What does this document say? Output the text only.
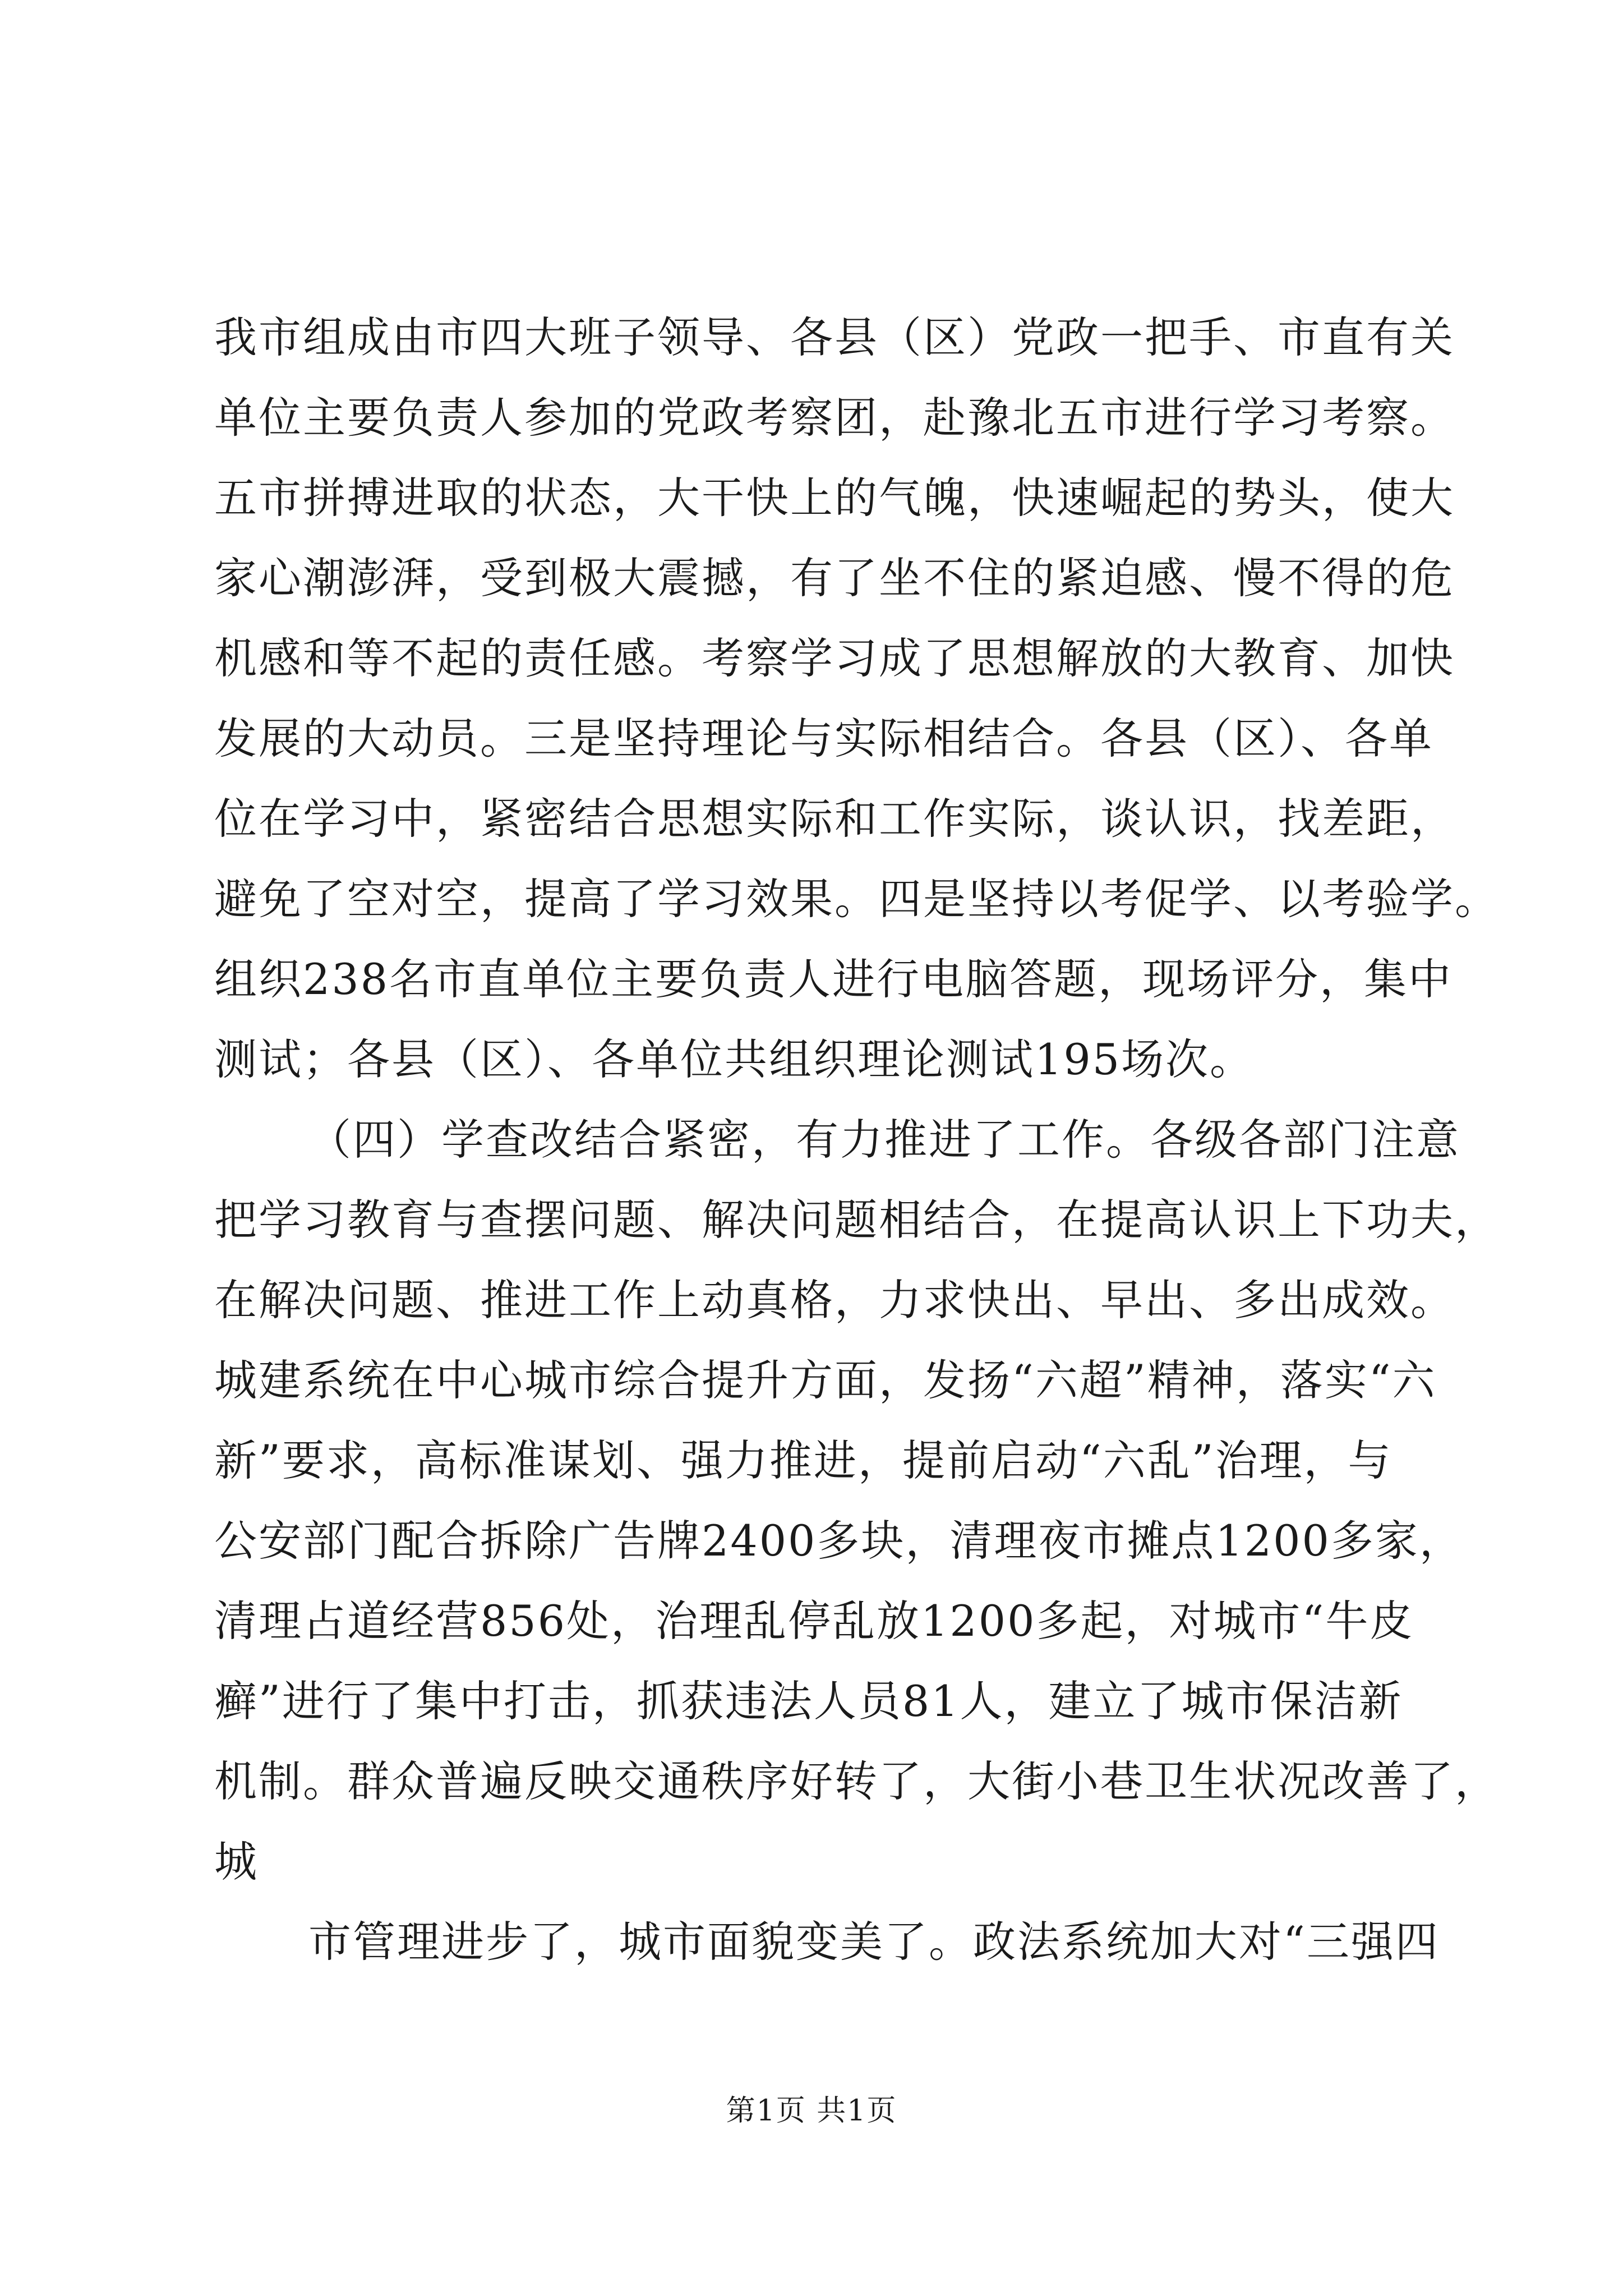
我市组成由市四大班子领导、各县（区）党政一把手、市直有关
单位主要负责人参加的党政考察团，赴豫北五市进行学习考察。
五市拼搏进取的状态，大干快上的气魄，快速崛起的势头，使大
家心潮澎湃，受到极大震撼，有了坐不住的紧迫感、慢不得的危
机感和等不起的责任感。考察学习成了思想解放的大教育、加快
发展的大动员。三是坚持理论与实际相结合。各县（区）、各单
位在学习中，紧密结合思想实际和工作实际，谈认识，找差距，
避免了空对空，提高了学习效果。四是坚持以考促学、以考验学。
组织238名市直单位主要负责人进行电脑答题，现场评分，集中
测试；各县（区）、各单位共组织理论测试195场次。
（四）学查改结合紧密，有力推进了工作。各级各部门注意
把学习教育与查摆问题、解决问题相结合，在提高认识上下功夫，
在解决问题、推进工作上动真格，力求快出、早出、多出成效。
城建系统在中心城市综合提升方面，发扬“六超”精神，落实“六
新”要求，高标准谋划、强力推进，提前启动“六乱”治理，与
公安部门配合拆除广告牌2400多块，清理夜市摊点1200多家，
清理占道经营856处，治理乱停乱放1200多起，对城市“牛皮
癣”进行了集中打击，抓获违法人员81人，建立了城市保洁新
机制。群众普遍反映交通秩序好转了，大街小巷卫生状况改善了，
城
市管理进步了，城市面貌变美了。政法系统加大对“三强四
第1页 共1页
